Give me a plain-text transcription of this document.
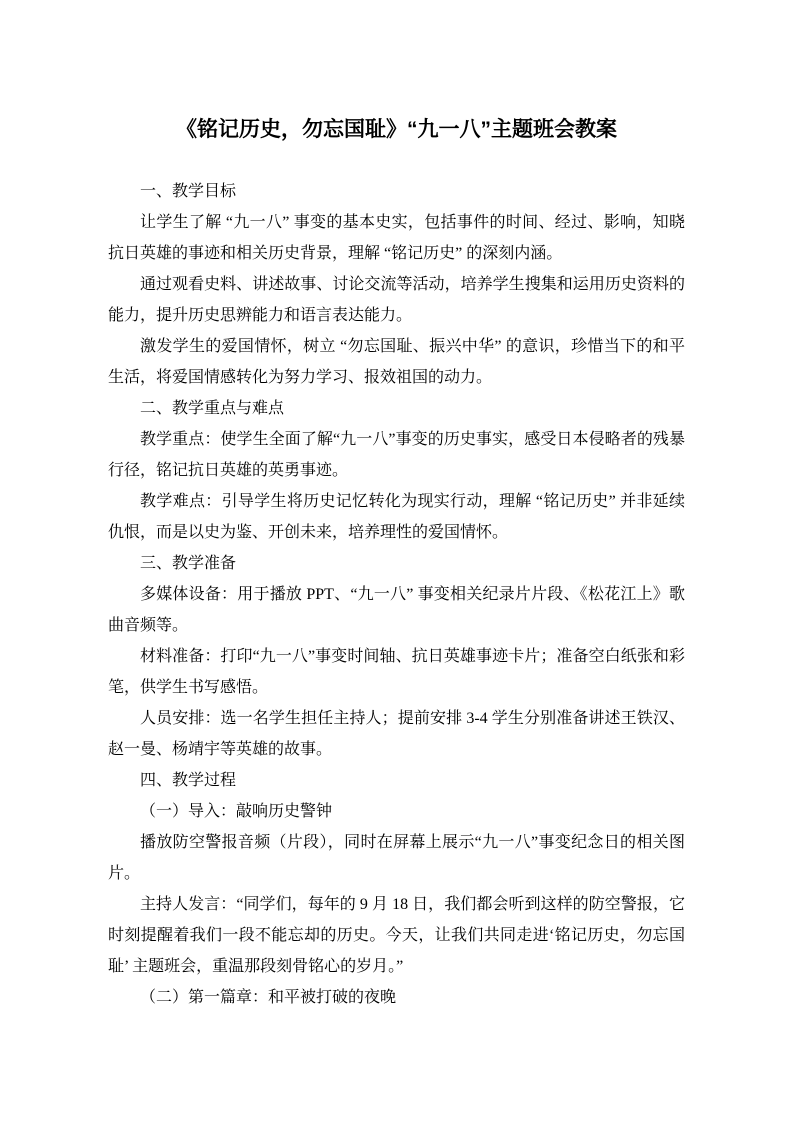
《铭记历史，勿忘国耻》“九一八”主题班会教案

一、教学目标

让学生了解 “九一八” 事变的基本史实，包括事件的时间、经过、影响，知晓抗日英雄的事迹和相关历史背景，理解 “铭记历史” 的深刻内涵。

通过观看史料、讲述故事、讨论交流等活动，培养学生搜集和运用历史资料的能力，提升历史思辨能力和语言表达能力。

激发学生的爱国情怀，树立 “勿忘国耻、振兴中华” 的意识，珍惜当下的和平生活，将爱国情感转化为努力学习、报效祖国的动力。

二、教学重点与难点

教学重点：使学生全面了解“九一八”事变的历史事实，感受日本侵略者的残暴行径，铭记抗日英雄的英勇事迹。

教学难点：引导学生将历史记忆转化为现实行动，理解 “铭记历史” 并非延续仇恨，而是以史为鉴、开创未来，培养理性的爱国情怀。

三、教学准备

多媒体设备：用于播放 PPT、“九一八” 事变相关纪录片片段、《松花江上》歌曲音频等。

材料准备：打印“九一八”事变时间轴、抗日英雄事迹卡片；准备空白纸张和彩笔，供学生书写感悟。

人员安排：选一名学生担任主持人；提前安排 3-4 学生分别准备讲述王铁汉、赵一曼、杨靖宇等英雄的故事。

四、教学过程

（一）导入：敲响历史警钟

播放防空警报音频（片段），同时在屏幕上展示“九一八”事变纪念日的相关图片。

主持人发言：“同学们，每年的 9 月 18 日，我们都会听到这样的防空警报，它时刻提醒着我们一段不能忘却的历史。今天，让我们共同走进‘铭记历史，勿忘国耻’ 主题班会，重温那段刻骨铭心的岁月。”

（二）第一篇章：和平被打破的夜晚
